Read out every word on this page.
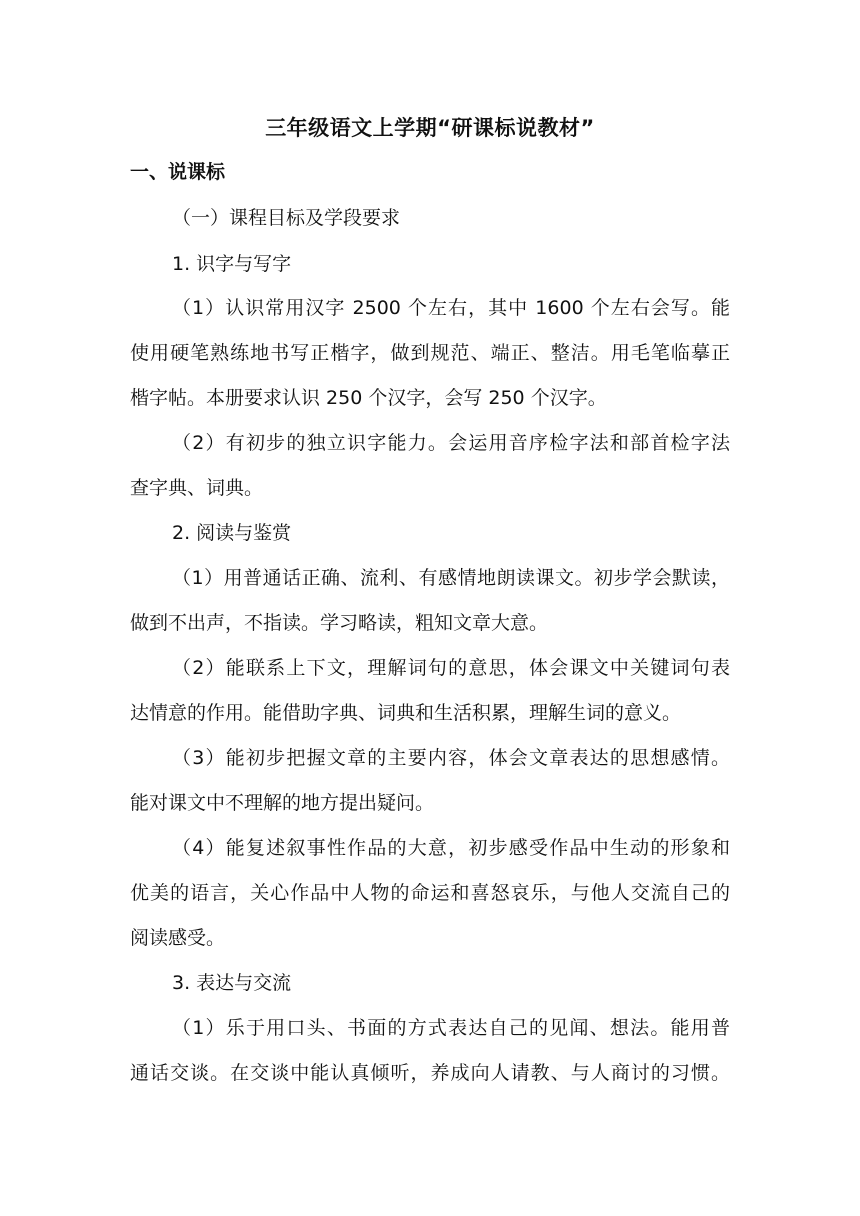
三年级语文上学期“研课标说教材”
一、说课标
（一）课程目标及学段要求
1. 识字与写字
（1）认识常用汉字 2500 个左右，其中 1600 个左右会写。能
使用硬笔熟练地书写正楷字，做到规范、端正、整洁。用毛笔临摹正
楷字帖。本册要求认识 250 个汉字，会写 250 个汉字。
（2）有初步的独立识字能力。会运用音序检字法和部首检字法
查字典、词典。
2. 阅读与鉴赏
（1）用普通话正确、流利、有感情地朗读课文。初步学会默读，
做到不出声，不指读。学习略读，粗知文章大意。
（2）能联系上下文，理解词句的意思，体会课文中关键词句表
达情意的作用。能借助字典、词典和生活积累，理解生词的意义。
（3）能初步把握文章的主要内容，体会文章表达的思想感情。
能对课文中不理解的地方提出疑问。
（4）能复述叙事性作品的大意，初步感受作品中生动的形象和
优美的语言，关心作品中人物的命运和喜怒哀乐，与他人交流自己的
阅读感受。
3. 表达与交流
（1）乐于用口头、书面的方式表达自己的见闻、想法。能用普
通话交谈。在交谈中能认真倾听，养成向人请教、与人商讨的习惯。
